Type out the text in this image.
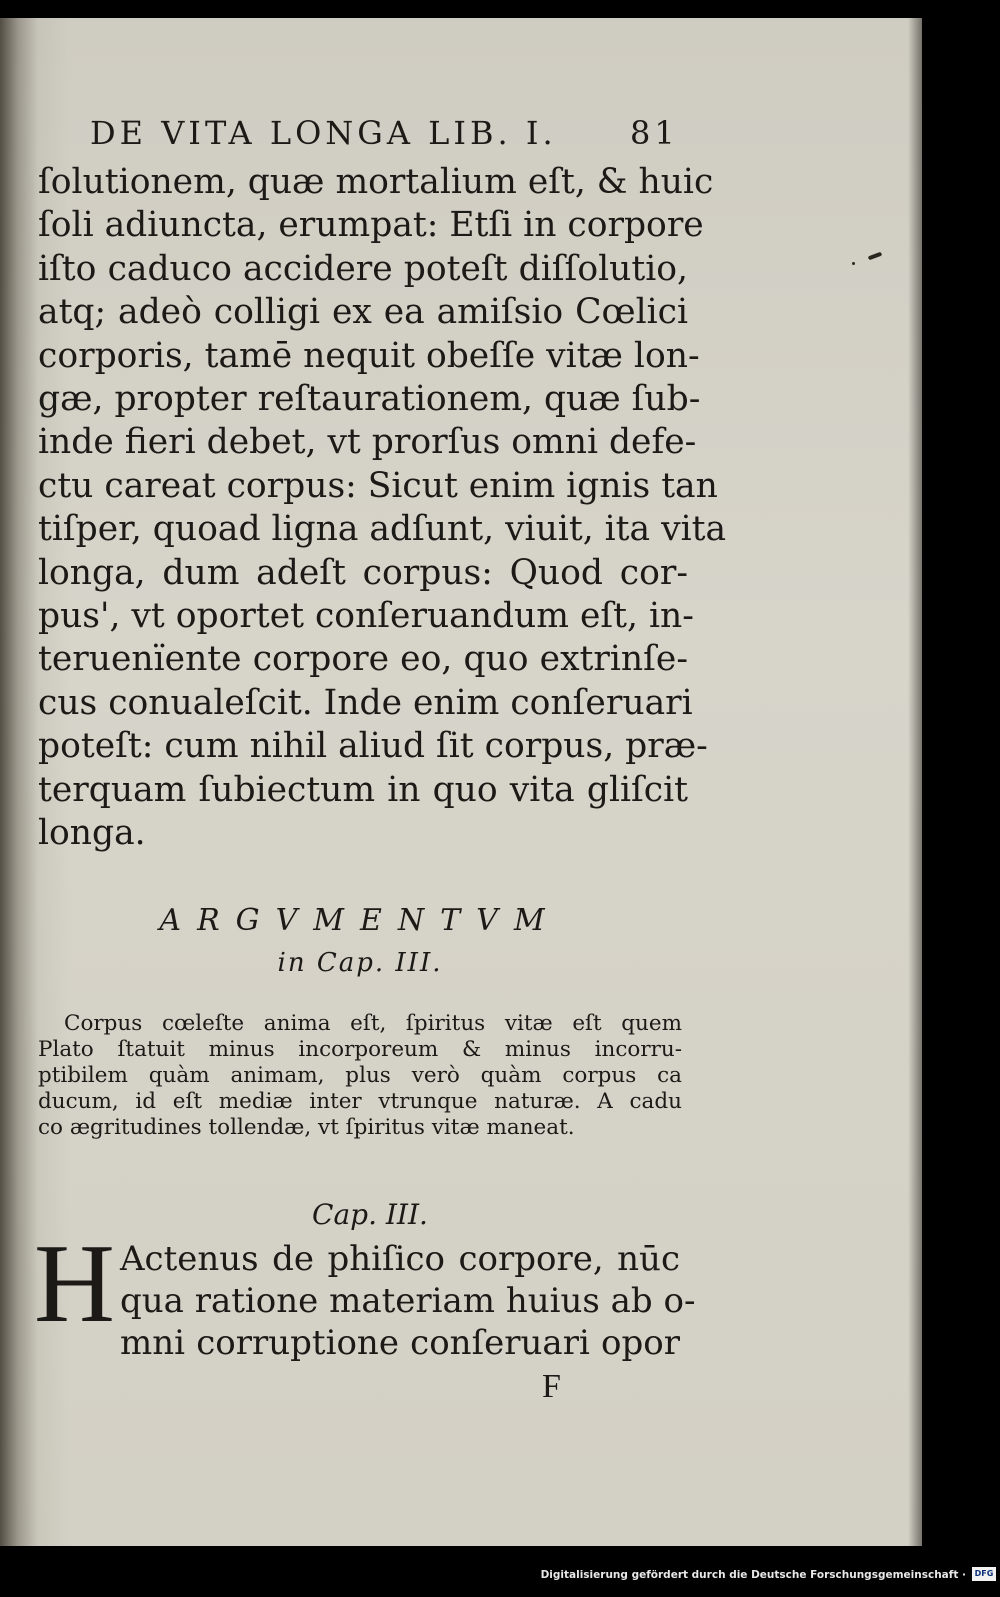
DE VITA LONGA LIB. I. 81
ſolutionem, quæ mortalium eſt, & huic
ſoli adiuncta, erumpat: Etſi in corpore
iſto caduco accidere poteſt diſſolutio,
atq; adeò colligi ex ea amiſsio Cœlici
corporis, tamē nequit obeſſe vitæ lon-
gæ, propter reſtaurationem, quæ ſub-
inde fieri debet, vt prorſus omni defe-
ctu careat corpus: Sicut enim ignis tan
tiſper, quoad ligna adſunt, viuit, ita vita
longa, dum adeſt corpus: Quod cor-
pus', vt oportet conſeruandum eſt, in-
teruenïente corpore eo, quo extrinſe-
cus conualeſcit. Inde enim conſeruari
poteſt: cum nihil aliud ſit corpus, præ-
terquam ſubiectum in quo vita gliſcit
longa.
ARGVMENTVM
in Cap. III.
Corpus cœleſte anima eſt, ſpiritus vitæ eſt quem
Plato ſtatuit minus incorporeum & minus incorru-
ptibilem quàm animam, plus verò quàm corpus ca
ducum, id eſt mediæ inter vtrunque naturæ. A cadu
co ægritudines tollendæ, vt ſpiritus vitæ maneat.
Cap. III.
H Actenus de phiſico corpore, nūc
qua ratione materiam huius ab o-
mni corruptione conſeruari opor
F
Digitalisierung gefördert durch die Deutsche Forschungsgemeinschaft ·	DFG
